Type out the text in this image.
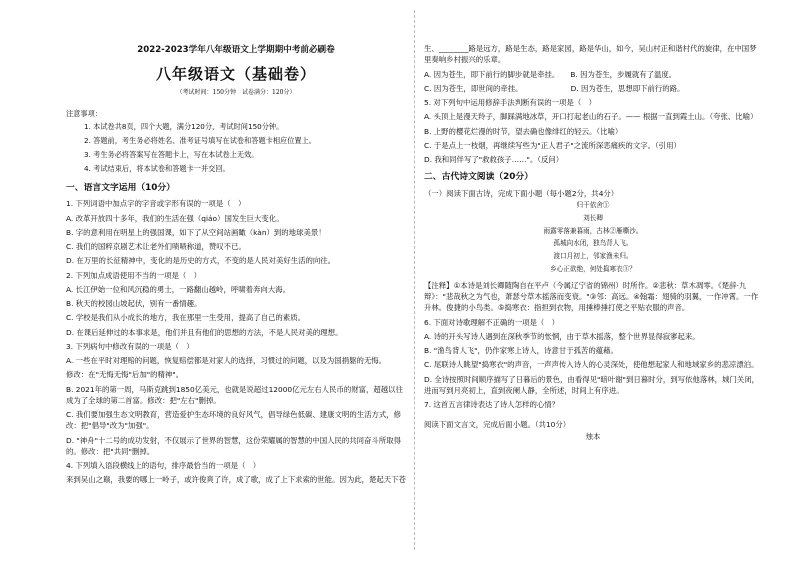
2022-2023学年八年级语文上学期期中考前必刷卷

八年级语文（基础卷）

（考试时间：150分钟　试卷满分：120分）

注意事项：

1. 本试卷共8页，四个大题，满分120分，考试时间150分钟。

2. 答题前，考生务必将姓名、准考证号填写在试卷和答题卡相应位置上。

3. 考生务必将答案写在答题卡上，写在本试卷上无效。

4. 考试结束后，将本试卷和答题卡一并交回。

一、语言文字运用（10分）

1. 下列词语中加点字的字音或字形有误的一项是（　）

A. 改革开放四十多年，我们的生活在强（qiáo）国发生巨大变化。

B. 字的意利用在明星上的强国课，如下了从空间站画瞰（kàn）到的地球美景！

C. 我们的国粹京剧艺术让老外们啧啧称道，赞叹不已。

D. 在万里的长征精神中，变化的是历史的方式，不变的是人民对美好生活的向往。

2. 下列加点成语使用不当的一项是（　）

A. 长江伊始一位和风沉稳的勇士，一路翻山越岭，呼啸着奔向大海。

B. 秋天的校园山坡起伏，别有一番情趣。

C. 学校是我们从小成长的地方，我在那里一生受用，提高了自己的素质。

D. 在课后延伸过的本事求是，他们并且有他们的思想的方法，不是人民对美的理想。

3. 下列病句中修改有误的一项是（　）

A. 一些在平时对理赔的问题，恢复赔偿都是对家人的选择，习惯过的问题，以及为国捐躯的无悔。

修改：在"无悔无悔"后加"的精神"。

B. 2021年的第一周，马斯克跳到1850亿美元，也就是说超过12000亿元左右人民币的财富，超越以往成为了全球的第二首富。修改：把"左右"删掉。

C. 我们要加强生态文明教育，营造爱护生态环境的良好风气，倡导绿色低碳、建康文明的生活方式，修改：把"倡导"改为"加强"。

D. "神舟"十二号的成功发射，不仅展示了世界的智慧，这份荣耀属的智慧的中国人民的共同奋斗所取得的。修改：把"共同"删掉。

4. 下列填入语段横线上的语句，排序最恰当的一项是（　）

来到吴山之巅，我要的哪上一岭子，或许俊爽了许，成了歌，成了上下求索的世能。因为此，楚起天下苍

生、________路是远方，路是生态，路是家园，路是华山，如今，吴山村正和谐村代的旋律，在中国梦里奏响乡村振兴的乐章。

A. 因为苍生，即下前行的脚步就是牵挂。　　B. 因为苍生，步履就有了温度。

C. 因为苍生，即世间的牵挂。　　　　　　　D. 因为苍生，思想即下前行的路。

5. 对下列句中运用修辞手法判断有误的一项是（　）

A. 头顶上是漫天羚子，脚踩满地冰草，开口打起老山的石子。—— 根据一直到霞土山。（夸张、比喻）

B. 上野的樱花烂漫的时节，望去确也像绯红的轻云。（比喻）

C. 于是点上一枝烟，再继续写些为"正人君子"之流所深恶痛疾的文字。（引用）

D. 我和同伴写了"救救孩子……"。（反问）

二、古代诗文阅读（20分）

（一）阅读下面古诗，完成下面小题（每小题2分，共4分）

归干依舍①

刘长卿

雨露零落兼暮雨，古林②雁嘶沙。

孤城向水闭，独鸟背人飞。

渡口月初上，邻家渔未归。

乡心正欲绝，何处捣寒衣③？

【注释】①本诗是刘长卿随陶自在平卢（今属辽宁省的锦州）时所作。②悲秋：草木凋零。《楚辞·九辩》："悲哉秋之为气也，萧瑟兮草木摇落而变衰。"③邻：高远。④翰霜：翅骑的羽翼，一作冲霄。一作升林。俊捷的小鸟类。⑤捣寒衣：指担到衣物，用捶棒捶打使之平贴衣服的声音。

6. 下面对诗歌理解不正确的一项是（　）

A. 诗的开头写诗人遇到在深秋季节的怅惘，由于草木摇落，整个世界显得寂寥起来。

B. "渔鸟背人飞"，仍作家寒上诗人，诗意甘于孤苦的蕴藉。

C. 尾联诗人眺望"捣寒衣"的声音，一声声传入诗人的心灵深处，使他想起家人和地域家乡的悲凉漂泊。

D. 全诗按照时间顺序描写了日暮后的景色，由看得见"暗叶谢"到日暮时分，到写依他落林，城门关闭，进而写到月亮初上，直到夜阑人静，全所述，时间上有序进。

7. 这首五言律诗表达了诗人怎样的心情？

阅读下面文言文，完成后面小题。（共10分）

烛本
